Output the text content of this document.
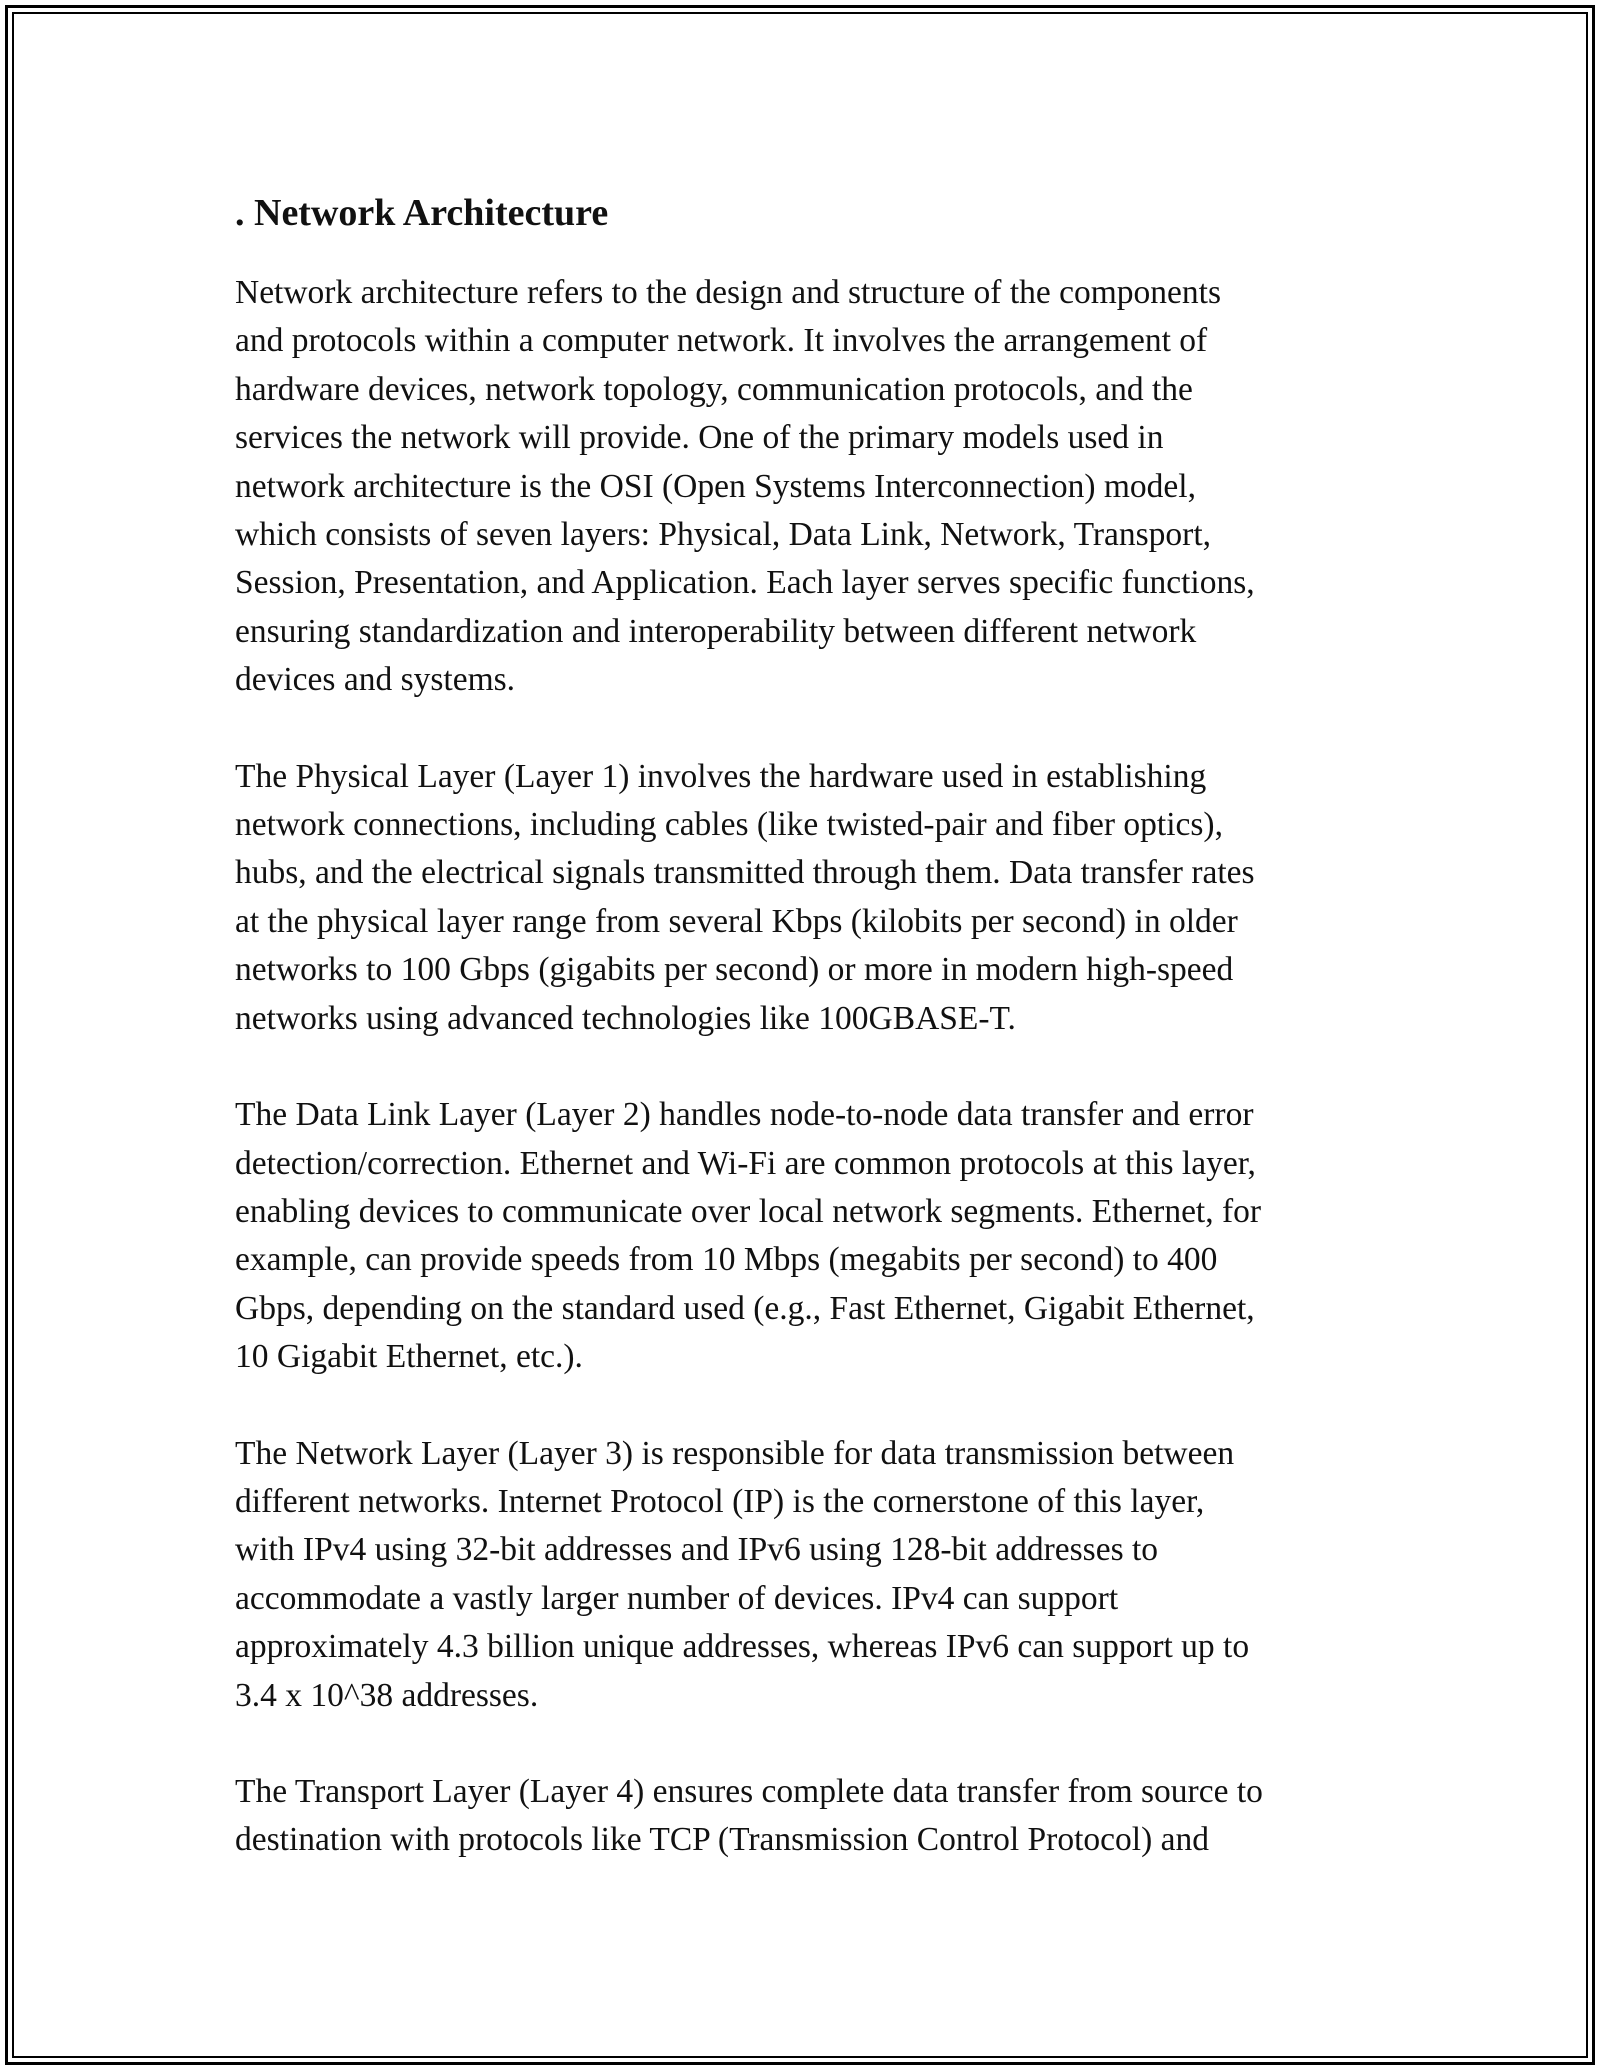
. Network Architecture

Network architecture refers to the design and structure of the components
and protocols within a computer network. It involves the arrangement of
hardware devices, network topology, communication protocols, and the
services the network will provide. One of the primary models used in
network architecture is the OSI (Open Systems Interconnection) model,
which consists of seven layers: Physical, Data Link, Network, Transport,
Session, Presentation, and Application. Each layer serves specific functions,
ensuring standardization and interoperability between different network
devices and systems.

The Physical Layer (Layer 1) involves the hardware used in establishing
network connections, including cables (like twisted-pair and fiber optics),
hubs, and the electrical signals transmitted through them. Data transfer rates
at the physical layer range from several Kbps (kilobits per second) in older
networks to 100 Gbps (gigabits per second) or more in modern high-speed
networks using advanced technologies like 100GBASE-T.

The Data Link Layer (Layer 2) handles node-to-node data transfer and error
detection/correction. Ethernet and Wi-Fi are common protocols at this layer,
enabling devices to communicate over local network segments. Ethernet, for
example, can provide speeds from 10 Mbps (megabits per second) to 400
Gbps, depending on the standard used (e.g., Fast Ethernet, Gigabit Ethernet,
10 Gigabit Ethernet, etc.).

The Network Layer (Layer 3) is responsible for data transmission between
different networks. Internet Protocol (IP) is the cornerstone of this layer,
with IPv4 using 32-bit addresses and IPv6 using 128-bit addresses to
accommodate a vastly larger number of devices. IPv4 can support
approximately 4.3 billion unique addresses, whereas IPv6 can support up to
3.4 x 10^38 addresses.

The Transport Layer (Layer 4) ensures complete data transfer from source to
destination with protocols like TCP (Transmission Control Protocol) and
